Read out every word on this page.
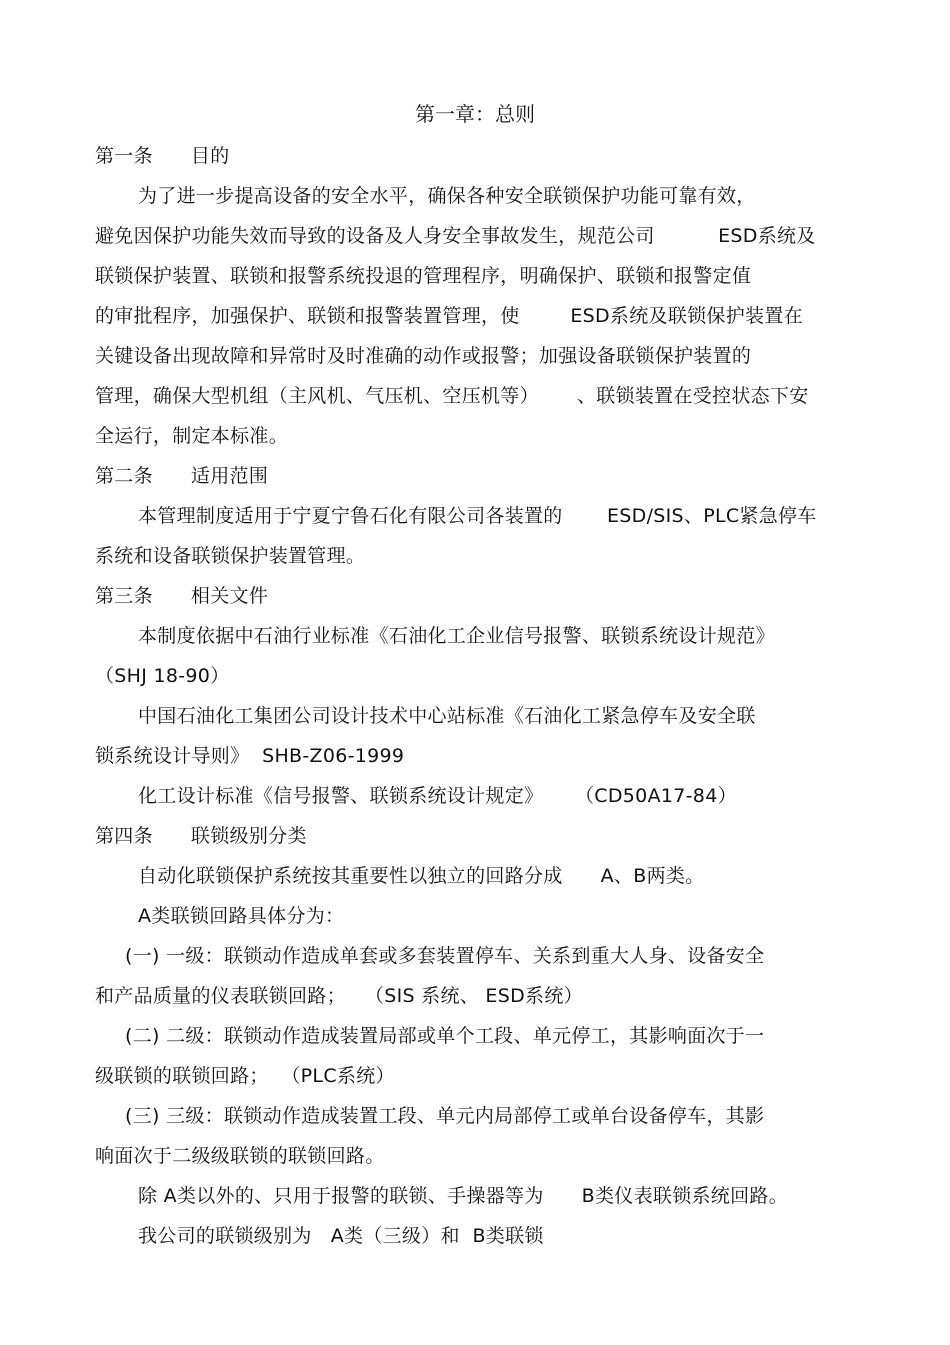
第一章：总则
第一条      目的
为了进一步提高设备的安全水平，确保各种安全联锁保护功能可靠有效，
避免因保护功能失效而导致的设备及人身安全事故发生，规范公司          ESD系统及
联锁保护装置、联锁和报警系统投退的管理程序，明确保护、联锁和报警定值
的审批程序，加强保护、联锁和报警装置管理，使        ESD系统及联锁保护装置在
关键设备出现故障和异常时及时准确的动作或报警；加强设备联锁保护装置的
管理，确保大型机组（主风机、气压机、空压机等）      、联锁装置在受控状态下安
全运行，制定本标准。
第二条      适用范围
本管理制度适用于宁夏宁鲁石化有限公司各装置的       ESD/SIS、PLC紧急停车
系统和设备联锁保护装置管理。
第三条      相关文件
本制度依据中石油行业标准《石油化工企业信号报警、联锁系统设计规范》
（SHJ 18-90）
中国石油化工集团公司设计技术中心站标准《石油化工紧急停车及安全联
锁系统设计导则》  SHB-Z06-1999
化工设计标准《信号报警、联锁系统设计规定》     （CD50A17-84）
第四条      联锁级别分类
自动化联锁保护系统按其重要性以独立的回路分成      A、B两类。
A类联锁回路具体分为：
(一) 一级：联锁动作造成单套或多套装置停车、关系到重大人身、设备安全
和产品质量的仪表联锁回路；   （SIS 系统、 ESD系统）
(二) 二级：联锁动作造成装置局部或单个工段、单元停工，其影响面次于一
级联锁的联锁回路；  （PLC系统）
(三) 三级：联锁动作造成装置工段、单元内局部停工或单台设备停车，其影
响面次于二级级联锁的联锁回路。
除 A类以外的、只用于报警的联锁、手操器等为      B类仪表联锁系统回路。
我公司的联锁级别为   A类（三级）和  B类联锁
